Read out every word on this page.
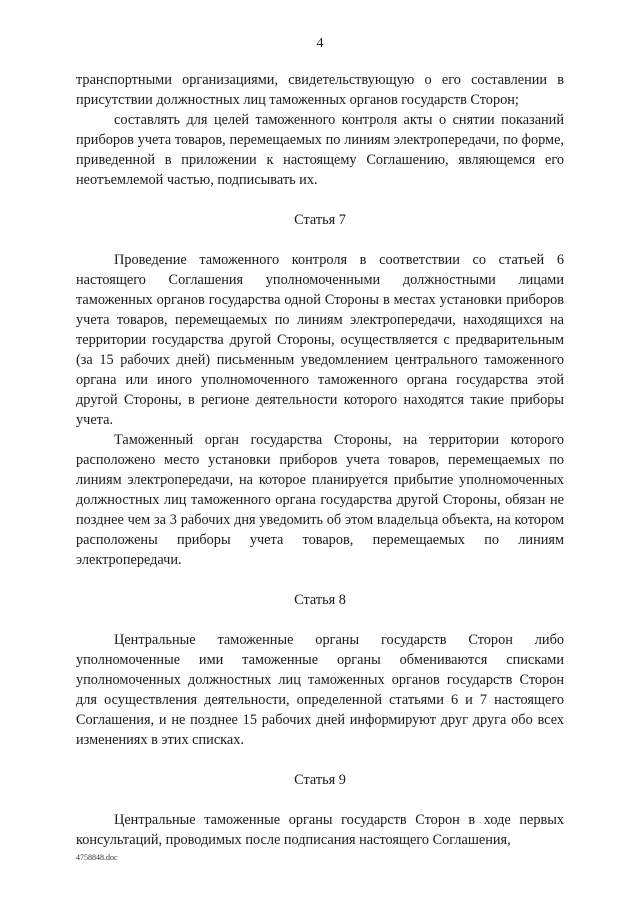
4

транспортными организациями, свидетельствующую о его составлении в присутствии должностных лиц таможенных органов государств Сторон;

составлять для целей таможенного контроля акты о снятии показаний приборов учета товаров, перемещаемых по линиям электропередачи, по форме, приведенной в приложении к настоящему Соглашению, являющемся его неотъемлемой частью, подписывать их.

Статья 7

Проведение таможенного контроля в соответствии со статьей 6 настоящего Соглашения уполномоченными должностными лицами таможенных органов государства одной Стороны в местах установки приборов учета товаров, перемещаемых по линиям электропередачи, находящихся на территории государства другой Стороны, осуществляется с предварительным (за 15 рабочих дней) письменным уведомлением центрального таможенного органа или иного уполномоченного таможенного органа государства этой другой Стороны, в регионе деятельности которого находятся такие приборы учета.

Таможенный орган государства Стороны, на территории которого расположено место установки приборов учета товаров, перемещаемых по линиям электропередачи, на которое планируется прибытие уполномоченных должностных лиц таможенного органа государства другой Стороны, обязан не позднее чем за 3 рабочих дня уведомить об этом владельца объекта, на котором расположены приборы учета товаров, перемещаемых по линиям электропередачи.

Статья 8

Центральные таможенные органы государств Сторон либо уполномоченные ими таможенные органы обмениваются списками уполномоченных должностных лиц таможенных органов государств Сторон для осуществления деятельности, определенной статьями 6 и 7 настоящего Соглашения, и не позднее 15 рабочих дней информируют друг друга обо всех изменениях в этих списках.

Статья 9

Центральные таможенные органы государств Сторон в ходе первых консультаций, проводимых после подписания настоящего Соглашения,

4758848.doc
